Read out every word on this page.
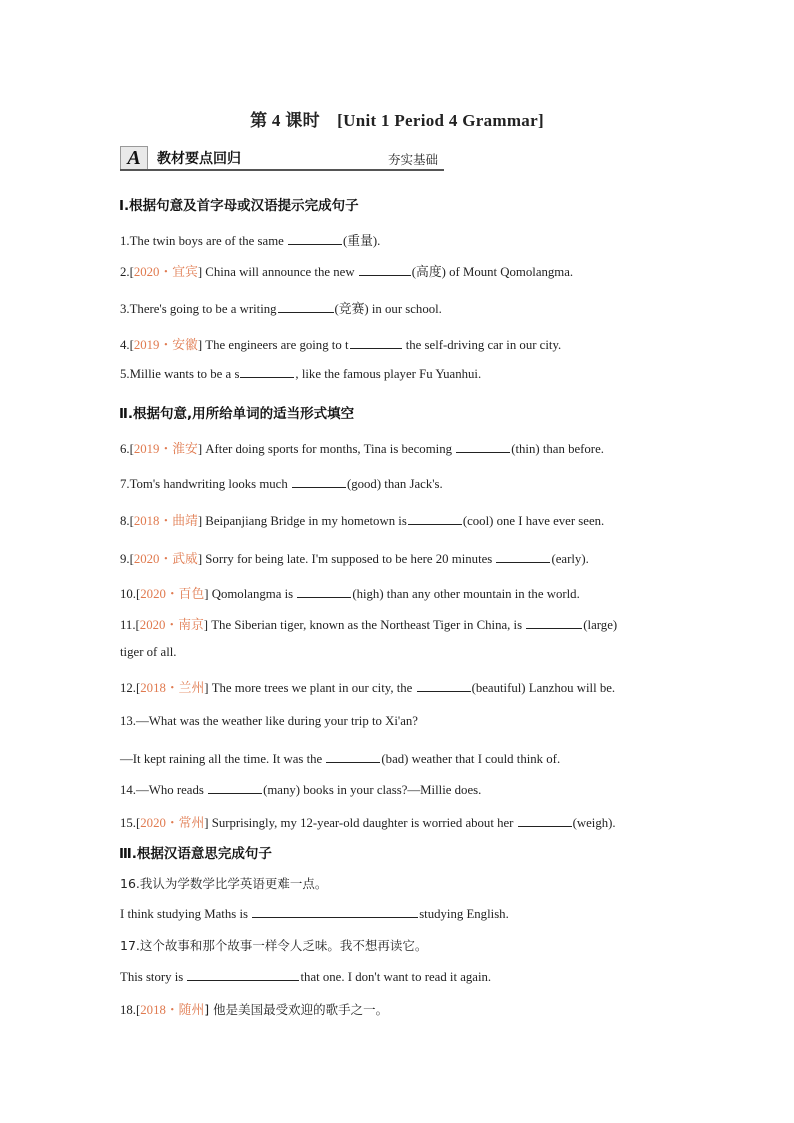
第 4 课时　[Unit 1 Period 4 Grammar]
A	教材要点回归	夯实基础
Ⅰ.根据句意及首字母或汉语提示完成句子
1.The twin boys are of the same	(重量).
2.[2020・宜宾] China will announce the new	(高度) of Mount Qomolangma.
3.There's going to be a writing	(竞赛) in our school.
4.[2019・安徽] The engineers are going to t	the self-driving car in our city.
5.Millie wants to be a s	, like the famous player Fu Yuanhui.
Ⅱ.根据句意,用所给单词的适当形式填空
6.[2019・淮安] After doing sports for months, Tina is becoming	(thin) than before.
7.Tom's handwriting looks much	(good) than Jack's.
8.[2018・曲靖] Beipanjiang Bridge in my hometown is	(cool) one I have ever seen.
9.[2020・武威] Sorry for being late. I'm supposed to be here 20 minutes	(early).
10.[2020・百色] Qomolangma is	(high) than any other mountain in the world.
11.[2020・南京] The Siberian tiger, known as the Northeast Tiger in China, is	(large)
tiger of all.
12.[2018・兰州] The more trees we plant in our city, the	(beautiful) Lanzhou will be.
13.—What was the weather like during your trip to Xi'an?
—It kept raining all the time. It was the	(bad) weather that I could think of.
14.—Who reads	(many) books in your class?—Millie does.
15.[2020・常州] Surprisingly, my 12-year-old daughter is worried about her	(weigh).
Ⅲ.根据汉语意思完成句子
16.我认为学数学比学英语更难一点。
I think studying Maths is	studying English.
17.这个故事和那个故事一样令人乏味。我不想再读它。
This story is	that one. I don't want to read it again.
18.[2018・随州] 他是美国最受欢迎的歌手之一。
